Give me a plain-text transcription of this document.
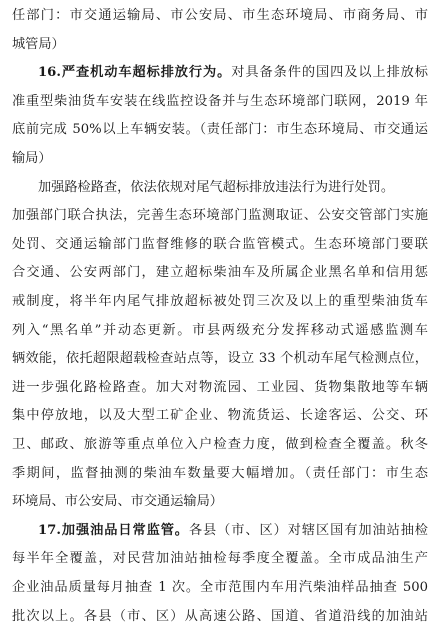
任部门：市交通运输局、市公安局、市生态环境局、市商务局、市
城管局）
16.严查机动车超标排放行为。对具备条件的国四及以上排放标
准重型柴油货车安装在线监控设备并与生态环境部门联网，2019 年
底前完成 50%以上车辆安装。（责任部门：市生态环境局、市交通运
输局）
加强路检路查，依法依规对尾气超标排放违法行为进行处罚。
加强部门联合执法，完善生态环境部门监测取证、公安交管部门实施
处罚、交通运输部门监督维修的联合监管模式。生态环境部门要联
合交通、公安两部门，建立超标柴油车及所属企业黑名单和信用惩
戒制度，将半年内尾气排放超标被处罚三次及以上的重型柴油货车
列入“黑名单”并动态更新。市县两级充分发挥移动式遥感监测车
辆效能，依托超限超载检查站点等，设立 33 个机动车尾气检测点位，
进一步强化路检路查。加大对物流园、工业园、货物集散地等车辆
集中停放地，以及大型工矿企业、物流货运、长途客运、公交、环
卫、邮政、旅游等重点单位入户检查力度，做到检查全覆盖。秋冬
季期间，监督抽测的柴油车数量要大幅增加。（责任部门：市生态
环境局、市公安局、市交通运输局）
17.加强油品日常监管。各县（市、区）对辖区国有加油站抽检
每半年全覆盖，对民营加油站抽检每季度全覆盖。全市成品油生产
企业油品质量每月抽查 1 次。全市范围内车用汽柴油样品抽查 500
批次以上。各县（市、区）从高速公路、国道、省道沿线的加油站
